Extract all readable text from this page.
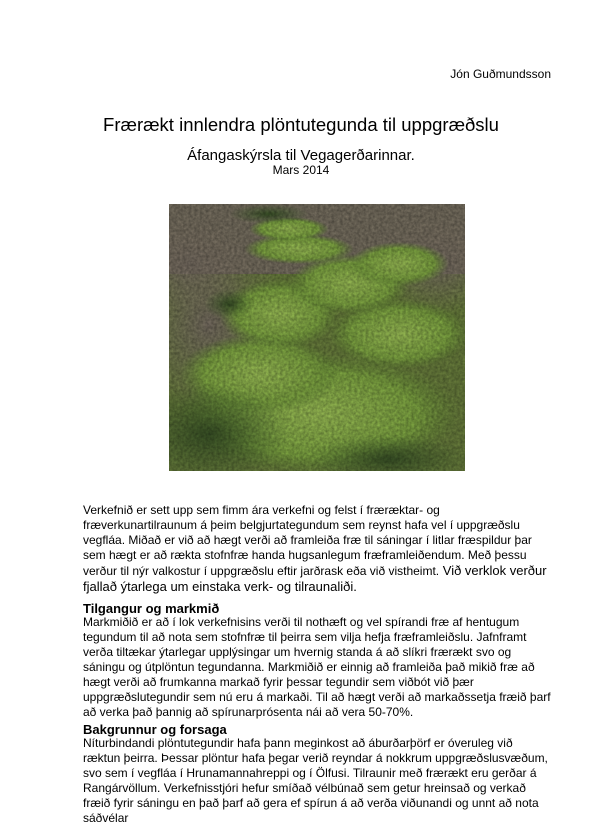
Jón Guðmundsson
Frærækt innlendra plöntutegunda til uppgræðslu
Áfangaskýrsla til Vegagerðarinnar.
Mars 2014
Verkefnið er sett upp sem fimm ára verkefni og felst í fræræktar- og fræverkunartilraunum á þeim belgjurtategundum sem reynst hafa vel í uppgræðslu vegfláa. Miðað er við að hægt verði að framleiða fræ til sáningar í litlar fræspildur þar sem hægt er að rækta stofnfræ handa hugsanlegum fræframleiðendum. Með þessu verður til nýr valkostur í uppgræðslu eftir jarðrask eða við vistheimt. Við verklok verður fjallað ýtarlega um einstaka verk- og tilraunaliði.
Tilgangur og markmið
Markmiðið er að í lok verkefnisins verði til nothæft og vel spírandi fræ af hentugum tegundum til að nota sem stofnfræ til þeirra sem vilja hefja fræframleiðslu. Jafnframt verða tiltækar ýtarlegar upplýsingar um hvernig standa á að slíkri frærækt svo og sáningu og útplöntun tegundanna. Markmiðið er einnig að framleiða það mikið fræ að hægt verði að frumkanna markað fyrir þessar tegundir sem viðbót við þær uppgræðslutegundir sem nú eru á markaði. Til að hægt verði að markaðssetja fræið þarf að verka það þannig að spírunarprósenta nái að vera 50-70%.
Bakgrunnur og forsaga
Níturbindandi plöntutegundir hafa þann meginkost að áburðarþörf er óveruleg við ræktun þeirra. Þessar plöntur hafa þegar verið reyndar á nokkrum uppgræðslusvæðum, svo sem í vegfláa í Hrunamannahreppi og í Ölfusi. Tilraunir með frærækt eru gerðar á Rangárvöllum. Verkefnisstjóri hefur smíðað vélbúnað sem getur hreinsað og verkað fræið fyrir sáningu en það þarf að gera ef spírun á að verða viðunandi og unnt að nota sáðvélar
